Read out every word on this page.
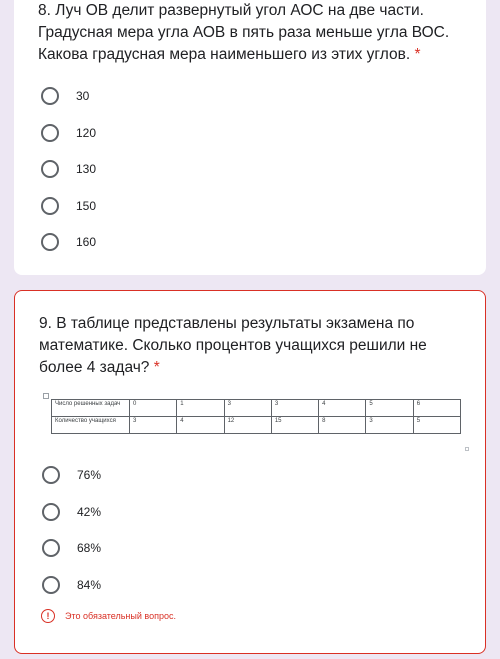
8. Луч ОВ делит развернутый угол АОС на две части. Градусная мера угла АОВ в пять раза меньше угла ВОС. Какова градусная мера наименьшего из этих углов. *
30
120
130
150
160
9. В таблице представлены результаты экзамена по математике. Сколько процентов учащихся решили не более 4 задач? *
Число решенных задач	0	1	3	3	4	5	6
Количество учащихся	3	4	12	15	8	3	5
76%
42%
68%
84%
!	Это обязательный вопрос.
